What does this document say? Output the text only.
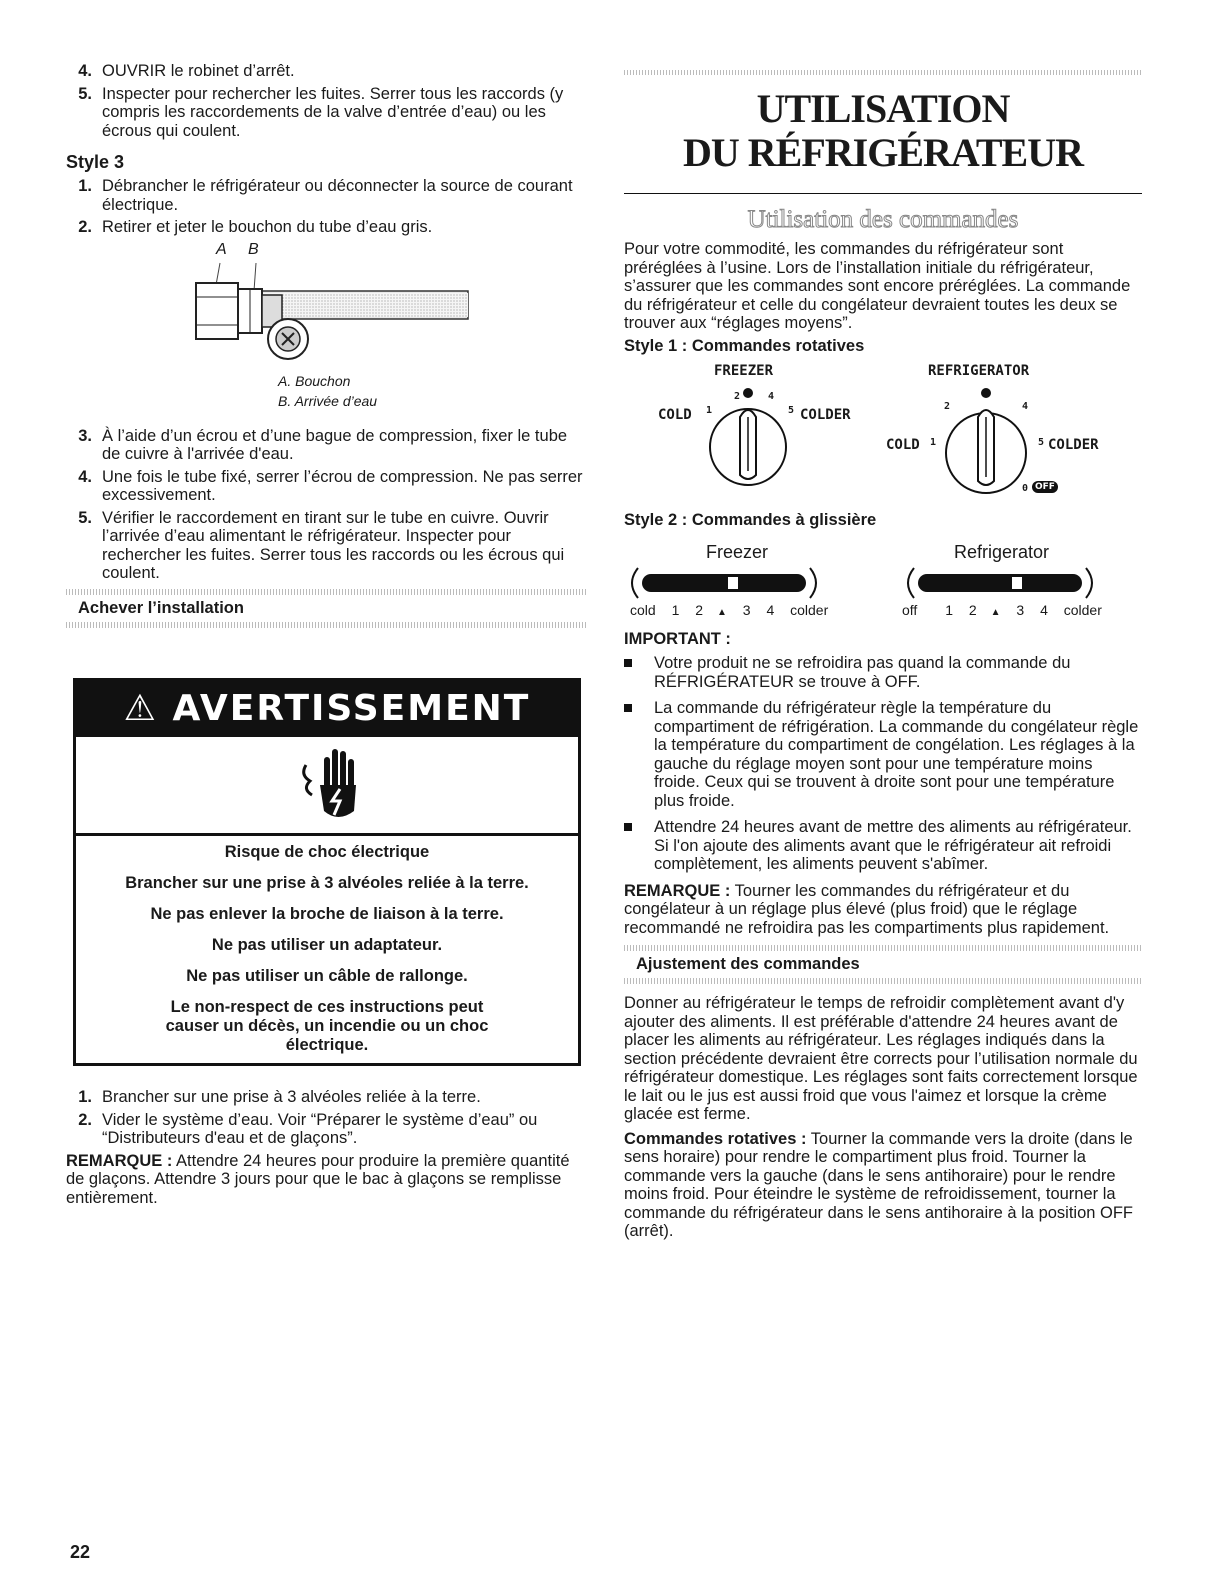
4. OUVRIR le robinet d’arrêt.
5. Inspecter pour rechercher les fuites. Serrer tous les raccords (y compris les raccordements de la valve d’entrée d’eau) ou les écrous qui coulent.
Style 3
1. Débrancher le réfrigérateur ou déconnecter la source de courant électrique.
2. Retirer et jeter le bouchon du tube d’eau gris.
A B
A. Bouchon
B. Arrivée d’eau
3. À l’aide d’un écrou et d’une bague de compression, fixer le tube de cuivre à l'arrivée d'eau.
4. Une fois le tube fixé, serrer l’écrou de compression. Ne pas serrer excessivement.
5. Vérifier le raccordement en tirant sur le tube en cuivre. Ouvrir l’arrivée d’eau alimentant le réfrigérateur. Inspecter pour rechercher les fuites. Serrer tous les raccords ou les écrous qui coulent.
Achever l’installation
⚠ AVERTISSEMENT
Risque de choc électrique
Brancher sur une prise à 3 alvéoles reliée à la terre.
Ne pas enlever la broche de liaison à la terre.
Ne pas utiliser un adaptateur.
Ne pas utiliser un câble de rallonge.
Le non-respect de ces instructions peut causer un décès, un incendie ou un choc électrique.
1. Brancher sur une prise à 3 alvéoles reliée à la terre.
2. Vider le système d’eau. Voir “Préparer le système d’eau” ou “Distributeurs d'eau et de glaçons”.

REMARQUE : Attendre 24 heures pour produire la première quantité de glaçons. Attendre 3 jours pour que le bac à glaçons se remplisse entièrement.

UTILISATION
DU RÉFRIGÉRATEUR
Utilisation des commandes

Pour votre commodité, les commandes du réfrigérateur sont préréglées à l’usine. Lors de l’installation initiale du réfrigérateur, s’assurer que les commandes sont encore préréglées. La commande du réfrigérateur et celle du congélateur devraient toutes les deux se trouver aux “réglages moyens”.

Style 1 : Commandes rotatives

FREEZER	REFRIGERATOR
COLD 1
2	4
5 COLDER
2	4
COLD 1	5 COLDER
0 OFF

Style 2 : Commandes à glissière

Freezer	Refrigerator
cold 1 2 ▲ 3 4 colder	off 1 2 ▲ 3 4 colder

IMPORTANT :

Votre produit ne se refroidira pas quand la commande du RÉFRIGÉRATEUR se trouve à OFF.
La commande du réfrigérateur règle la température du compartiment de réfrigération. La commande du congélateur règle la température du compartiment de congélation. Les réglages à la gauche du réglage moyen sont pour une température moins froide. Ceux qui se trouvent à droite sont pour une température plus froide.
Attendre 24 heures avant de mettre des aliments au réfrigérateur. Si l'on ajoute des aliments avant que le réfrigérateur ait refroidi complètement, les aliments peuvent s'abîmer.

REMARQUE : Tourner les commandes du réfrigérateur et du congélateur à un réglage plus élevé (plus froid) que le réglage recommandé ne refroidira pas les compartiments plus rapidement.

Ajustement des commandes

Donner au réfrigérateur le temps de refroidir complètement avant d'y ajouter des aliments. Il est préférable d'attendre 24 heures avant de placer les aliments au réfrigérateur. Les réglages indiqués dans la section précédente devraient être corrects pour l’utilisation normale du réfrigérateur domestique. Les réglages sont faits correctement lorsque le lait ou le jus est aussi froid que vous l'aimez et lorsque la crème glacée est ferme.

Commandes rotatives : Tourner la commande vers la droite (dans le sens horaire) pour rendre le compartiment plus froid. Tourner la commande vers la gauche (dans le sens antihoraire) pour le rendre moins froid. Pour éteindre le système de refroidissement, tourner la commande du réfrigérateur dans le sens antihoraire à la position OFF (arrêt).

22
